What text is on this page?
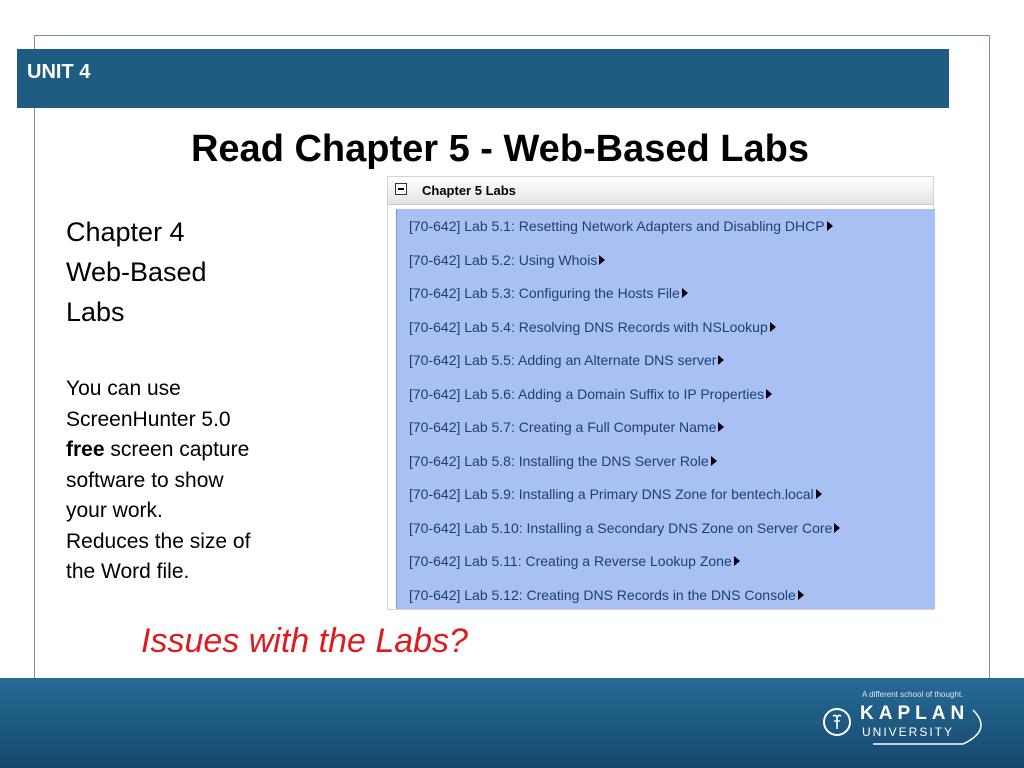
UNIT 4
Read Chapter 5 - Web-Based Labs
Chapter 4
Web-Based
Labs
You can use
ScreenHunter 5.0
free screen capture
software to show
your work.
Reduces the size of
the Word file.
Chapter 5 Labs
[70-642] Lab 5.1: Resetting Network Adapters and Disabling DHCP
[70-642] Lab 5.2: Using Whois
[70-642] Lab 5.3: Configuring the Hosts File
[70-642] Lab 5.4: Resolving DNS Records with NSLookup
[70-642] Lab 5.5: Adding an Alternate DNS server
[70-642] Lab 5.6: Adding a Domain Suffix to IP Properties
[70-642] Lab 5.7: Creating a Full Computer Name
[70-642] Lab 5.8: Installing the DNS Server Role
[70-642] Lab 5.9: Installing a Primary DNS Zone for bentech.local
[70-642] Lab 5.10: Installing a Secondary DNS Zone on Server Core
[70-642] Lab 5.11: Creating a Reverse Lookup Zone
[70-642] Lab 5.12: Creating DNS Records in the DNS Console
Issues with the Labs?
A different school of thought.
KAPLAN
UNIVERSITY
